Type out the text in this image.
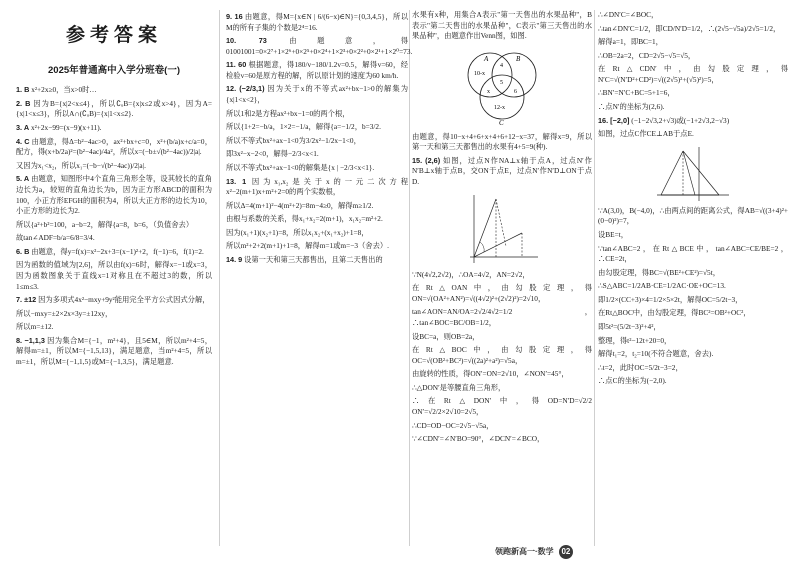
参考答案
2025年普通高中入学分班卷(一)

1. B x²+2x≥0，当x>0时…

2. B 因为B={x|2<x≤4}，所以∁ᵤB={x|x≤2或x>4}，因为A={x|1<x≤3}，所以A∩(∁ᵤB)={x|1<x≤2}.

3. A x²+2x−99=(x−9)(x+11).

4. C 由题意，得Δ=b²−4ac>0，ax²+bx+c=0，x²+(b/a)x+c/a=0，配方，得(x+b/2a)²=(b²−4ac)/4a²，所以x=(−b±√(b²−4ac))/2|a|.

又因为x₁<x₂，所以x₁=(−b−√(b²−4ac))/2|a|.

5. A 由题意，知图形中4个直角三角形全等，设其较长的直角边长为a，较短的直角边长为b，因为正方形ABCD的面积为100，小正方形EFGH的面积为4，所以大正方形的边长为10，小正方形的边长为2.

所以{a²+b²=100，a−b=2，解得{a=8，b=6，（负值舍去）

故tan∠ADF=b/a=6/8=3/4.

6. B 由题意，得y=f(x)=x²−2x+3=(x−1)²+2，f(−1)=6，f(1)=2.

因为函数的值域为[2,6]，所以由f(x)=6时，解得x=−1或x=3，因为函数图象关于直线x=1对称且在不超过3的数，所以1≤m≤3.

7. ±12 因为多项式4x²−mxy+9y²能用完全平方公式因式分解，

所以−mxy=±2×2x×3y=±12xy，

所以m=±12.

8. −1,1,3 因为集合M={−1，m²+4}，且5∈M，所以m²+4=5，解得m=±1，所以M={−1,5,13}，满足题意，当m²+4=5，所以m=±1，所以M={−1,1,5}或M={−1,3,5}，满足题意.

9. 16 由题意，得M={x∈N | 6/(6−x)∈N}={0,3,4,5}，所以M的所有子集的个数是2⁴=16.

10. 73	由题意，得01001001=0×2⁷+1×2⁶+0×2⁵+0×2⁴+1×2³+0×2²+0×2¹+1×2⁰=73.

11. 60 根据题意，得180/v−180/1.2v=0.5，解得v=60，经检验v=60是原方程的解，所以原计划的速度为60 km/h.

12. (−2/3,1) 因为关于x的不等式ax²+bx−1>0的解集为{x|1<x<2}，

所以1和2是方程ax²+bx−1=0的两个根，

所以{1+2=−b/a，1×2=−1/a，解得{a=−1/2，b=3/2.

所以不等式bx²+ax−1<0为3/2x²−1/2x−1<0，

即3x²−x−2<0，解得−2/3<x<1.

所以不等式bx²+ax−1<0的解集是{x | −2/3<x<1}.

13. 1 因为x₁,x₂是关于x的一元二次方程x²−2(m+1)x+m²+2=0的两个实数根，

所以Δ=4(m+1)²−4(m²+2)=8m−4≥0，解得m≥1/2.

由根与系数的关系，得x₁+x₂=2(m+1)，x₁x₂=m²+2.

因为(x₁+1)(x₂+1)=8，所以x₁x₂+(x₁+x₂)+1=8，

所以m²+2+2(m+1)+1=8，解得m=1或m=−3（舍去）.

14. 9 设第一天和第三天都售出，且第二天售出的

水果有x种，用集合A表示"第一天售出的水果品种"，B表示"第二天售出的水果品种"，C表示"第三天售出的水果品种"，由题意作出Venn图，如图.

A	B
C
10-x
4
x
5
6
12-x

由题意，得10−x+4+6+x+4+6+12−x=37，解得x=9，所以第一天和第三天都售出的水果有4+5=9(种).

15. (2,6) 如图，过点N作NA⊥x轴于点A，过点N′作N′B⊥x轴于点B，交ON于点E，过点N′作N′D⊥ON于点D.

∵N(4√2,2√2)，∴OA=4√2，AN=2√2，

在Rt△OAN中，由勾股定理，得ON=√(OA²+AN²)=√((4√2)²+(2√2)²)=2√10，

tan∠AON=AN/OA=2√2/4√2=1/2，∴tan∠BOC=BC/OB=1/2，

设BC=a，则OB=2a，

在Rt△BOC中，由勾股定理，得OC=√(OB²+BC²)=√((2a)²+a²)=√5a，

由旋转的性质，得ON′=ON=2√10，∠NON′=45°，

∴△DON′是等腰直角三角形，

∴在Rt△DON′中，得OD=N′D=√2/2 ON′=√2/2×2√10=2√5，

∴CD=OD−OC=2√5−√5a，

∵∠CDN′=∠N′BO=90°，∠DCN′=∠BCO，

∴∠DN′C=∠BOC，

∴tan∠DN′C=1/2，即CD/N′D=1/2，∴(2√5−√5a)/2√5=1/2，

解得a=1，即BC=1，

∴OB=2a=2，CD=2√5−√5=√5，

在Rt△CDN′中，由勾股定理，得N′C=√(N′D²+CD²)=√((2√5)²+(√5)²)=5，

∴BN′=N′C+BC=5+1=6，

∴点N′的坐标为(2,6).

16. [−2,0] (−1−2√3,2+√3)或(−1+2√3,2−√3)

如图，过点C作CE⊥AB于点E.

∵A(3,0)，B(−4,0)，∴由两点间的距离公式，得AB=√((3+4)²+(0−0)²)=7，

设BE=t，

∵tan∠ABC=2，在Rt△BCE中，tan∠ABC=CE/BE=2，∴CE=2t，

由勾股定理，得BC=√(BE²+CE²)=√5t，

∴S△ABC=1/2AB·CE=1/2AC·OE+OC=13.

即1/2×(CC+3)×4=1/2×5×2t，解得OC=5/2t−3，

在Rt△BOC中，由勾股定理，得BC²=OB²+OC²，

即5t²=(5/2t−3)²+4²，

整理，得t²−12t+20=0，

解得t₁=2，t₂=10(不符合题意，舍去).

∴t=2，此时OC=5/2t−3=2，

∴点C的坐标为(−2,0).

领跑新高一·数学 02
